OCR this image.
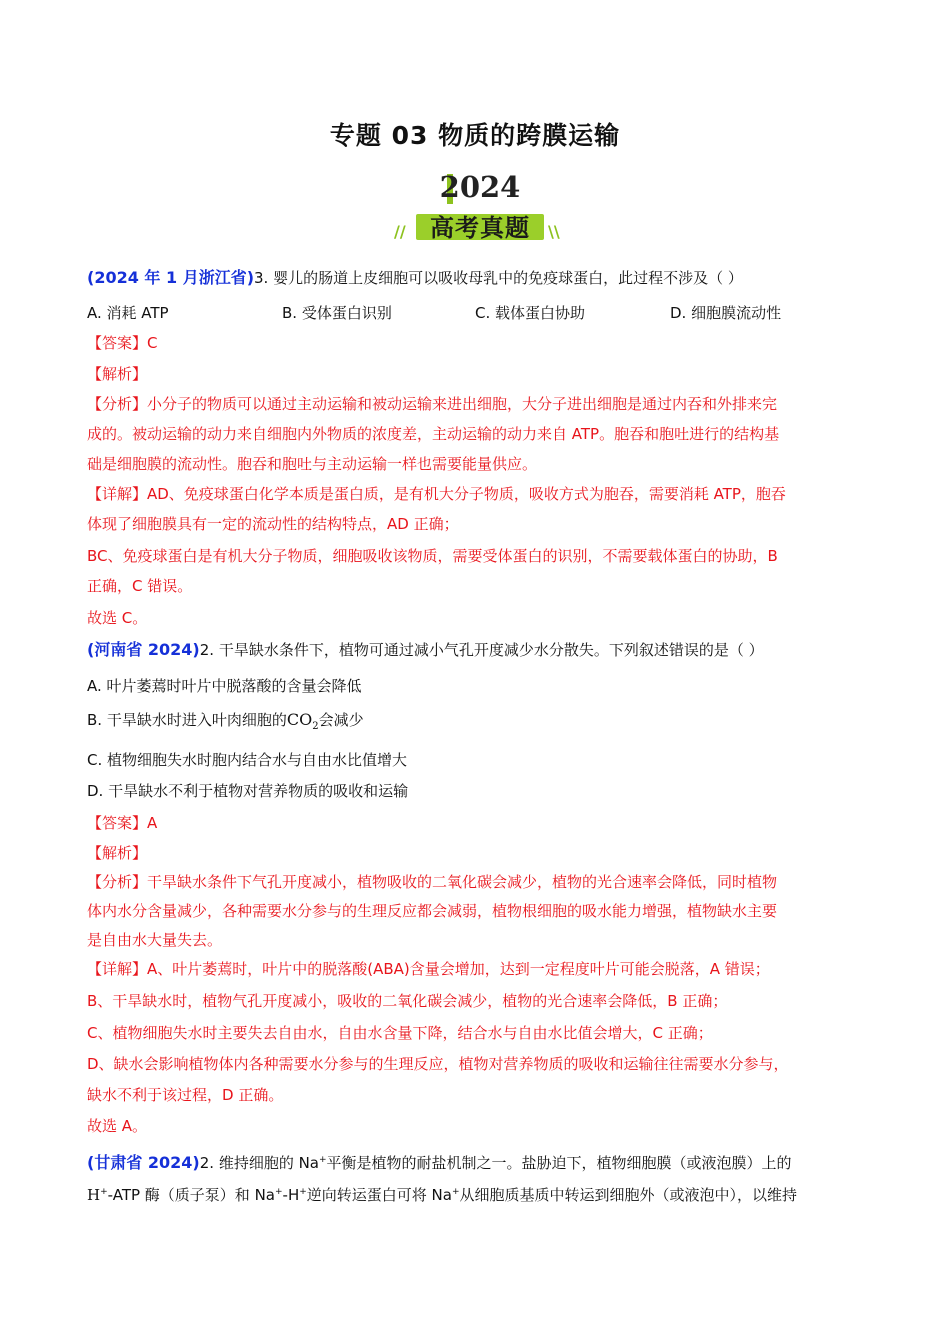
专题 03 物质的跨膜运输
2024
高考真题
//	\\
(2024 年 1 月浙江省)3. 婴儿的肠道上皮细胞可以吸收母乳中的免疫球蛋白，此过程不涉及（ ）
A. 消耗 ATP	B. 受体蛋白识别	C. 载体蛋白协助	D. 细胞膜流动性
【答案】C
【解析】
【分析】小分子的物质可以通过主动运输和被动运输来进出细胞，大分子进出细胞是通过内吞和外排来完
成的。被动运输的动力来自细胞内外物质的浓度差，主动运输的动力来自 ATP。胞吞和胞吐进行的结构基
础是细胞膜的流动性。胞吞和胞吐与主动运输一样也需要能量供应。
【详解】AD、免疫球蛋白化学本质是蛋白质，是有机大分子物质，吸收方式为胞吞，需要消耗 ATP，胞吞
体现了细胞膜具有一定的流动性的结构特点，AD 正确；
BC、免疫球蛋白是有机大分子物质，细胞吸收该物质，需要受体蛋白的识别，不需要载体蛋白的协助，B
正确，C 错误。
故选 C。
(河南省 2024)2. 干旱缺水条件下，植物可通过减小气孔开度减少水分散失。下列叙述错误的是（ ）
A. 叶片萎蔫时叶片中脱落酸的含量会降低
B. 干旱缺水时进入叶肉细胞的$CO_2$会减少
C. 植物细胞失水时胞内结合水与自由水比值增大
D. 干旱缺水不利于植物对营养物质的吸收和运输
【答案】A
【解析】
【分析】干旱缺水条件下气孔开度减小，植物吸收的二氧化碳会减少，植物的光合速率会降低，同时植物
体内水分含量减少，各种需要水分参与的生理反应都会减弱，植物根细胞的吸水能力增强，植物缺水主要
是自由水大量失去。
【详解】A、叶片萎蔫时，叶片中的脱落酸(ABA)含量会增加，达到一定程度叶片可能会脱落，A 错误；
B、干旱缺水时，植物气孔开度减小，吸收的二氧化碳会减少，植物的光合速率会降低，B 正确；
C、植物细胞失水时主要失去自由水，自由水含量下降，结合水与自由水比值会增大，C 正确；
D、缺水会影响植物体内各种需要水分参与的生理反应，植物对营养物质的吸收和运输往往需要水分参与，
缺水不利于该过程，D 正确。
故选 A。
(甘肃省 2024)2. 维持细胞的 Na+平衡是植物的耐盐机制之一。盐胁迫下，植物细胞膜（或液泡膜）上的
H+-ATP 酶（质子泵）和 Na+-H+逆向转运蛋白可将 Na+从细胞质基质中转运到细胞外（或液泡中），以维持
